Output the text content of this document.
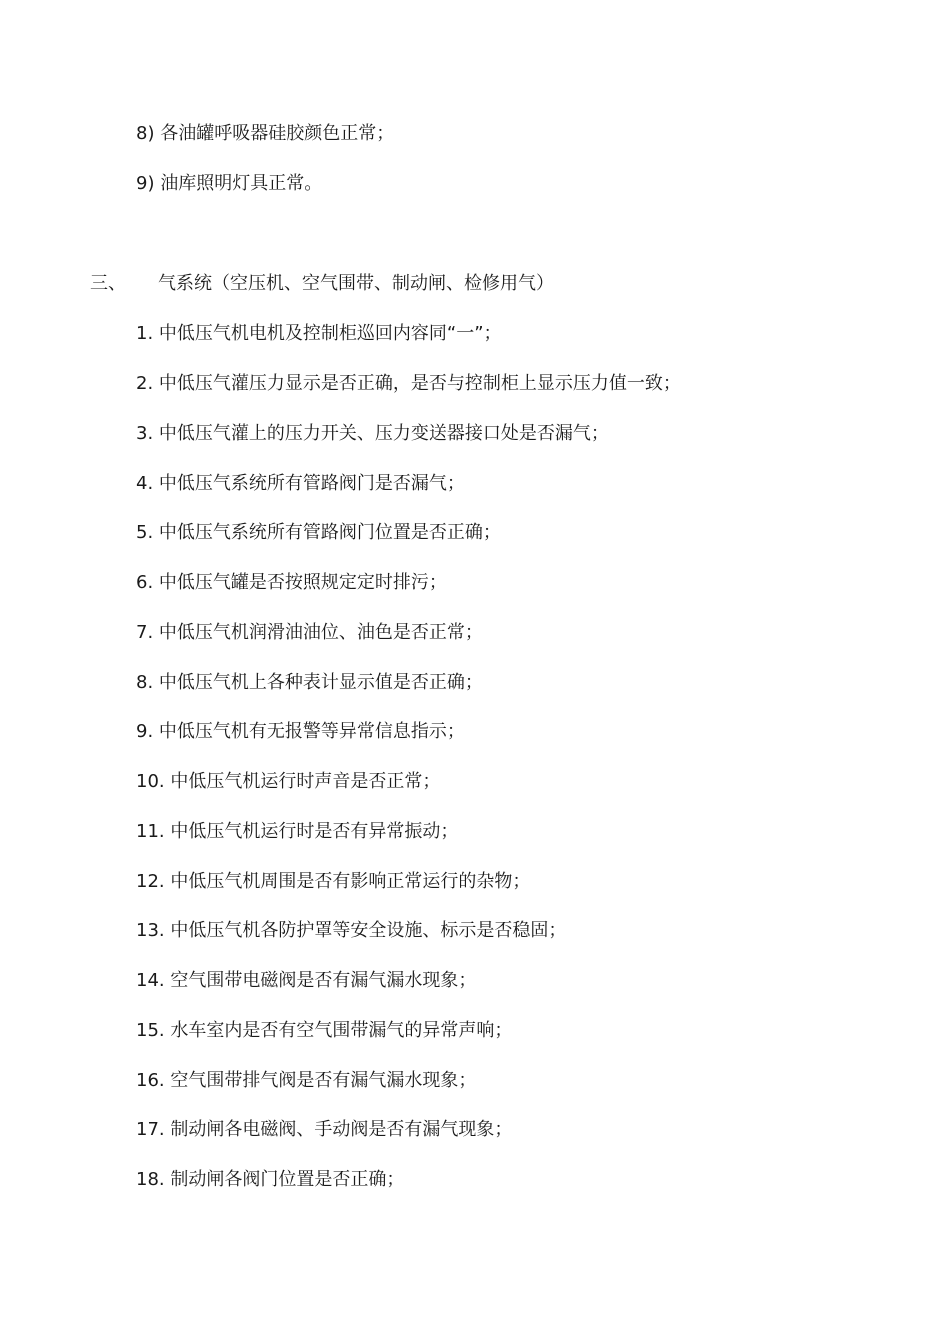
8) 各油罐呼吸器硅胶颜色正常；
9) 油库照明灯具正常。
三、 气系统（空压机、空气围带、制动闸、检修用气）
1. 中低压气机电机及控制柜巡回内容同“一”；
2. 中低压气灌压力显示是否正确，是否与控制柜上显示压力值一致；
3. 中低压气灌上的压力开关、压力变送器接口处是否漏气；
4. 中低压气系统所有管路阀门是否漏气；
5. 中低压气系统所有管路阀门位置是否正确；
6. 中低压气罐是否按照规定定时排污；
7. 中低压气机润滑油油位、油色是否正常；
8. 中低压气机上各种表计显示值是否正确；
9. 中低压气机有无报警等异常信息指示；
10. 中低压气机运行时声音是否正常；
11. 中低压气机运行时是否有异常振动；
12. 中低压气机周围是否有影响正常运行的杂物；
13. 中低压气机各防护罩等安全设施、标示是否稳固；
14. 空气围带电磁阀是否有漏气漏水现象；
15. 水车室内是否有空气围带漏气的异常声响；
16. 空气围带排气阀是否有漏气漏水现象；
17. 制动闸各电磁阀、手动阀是否有漏气现象；
18. 制动闸各阀门位置是否正确；
